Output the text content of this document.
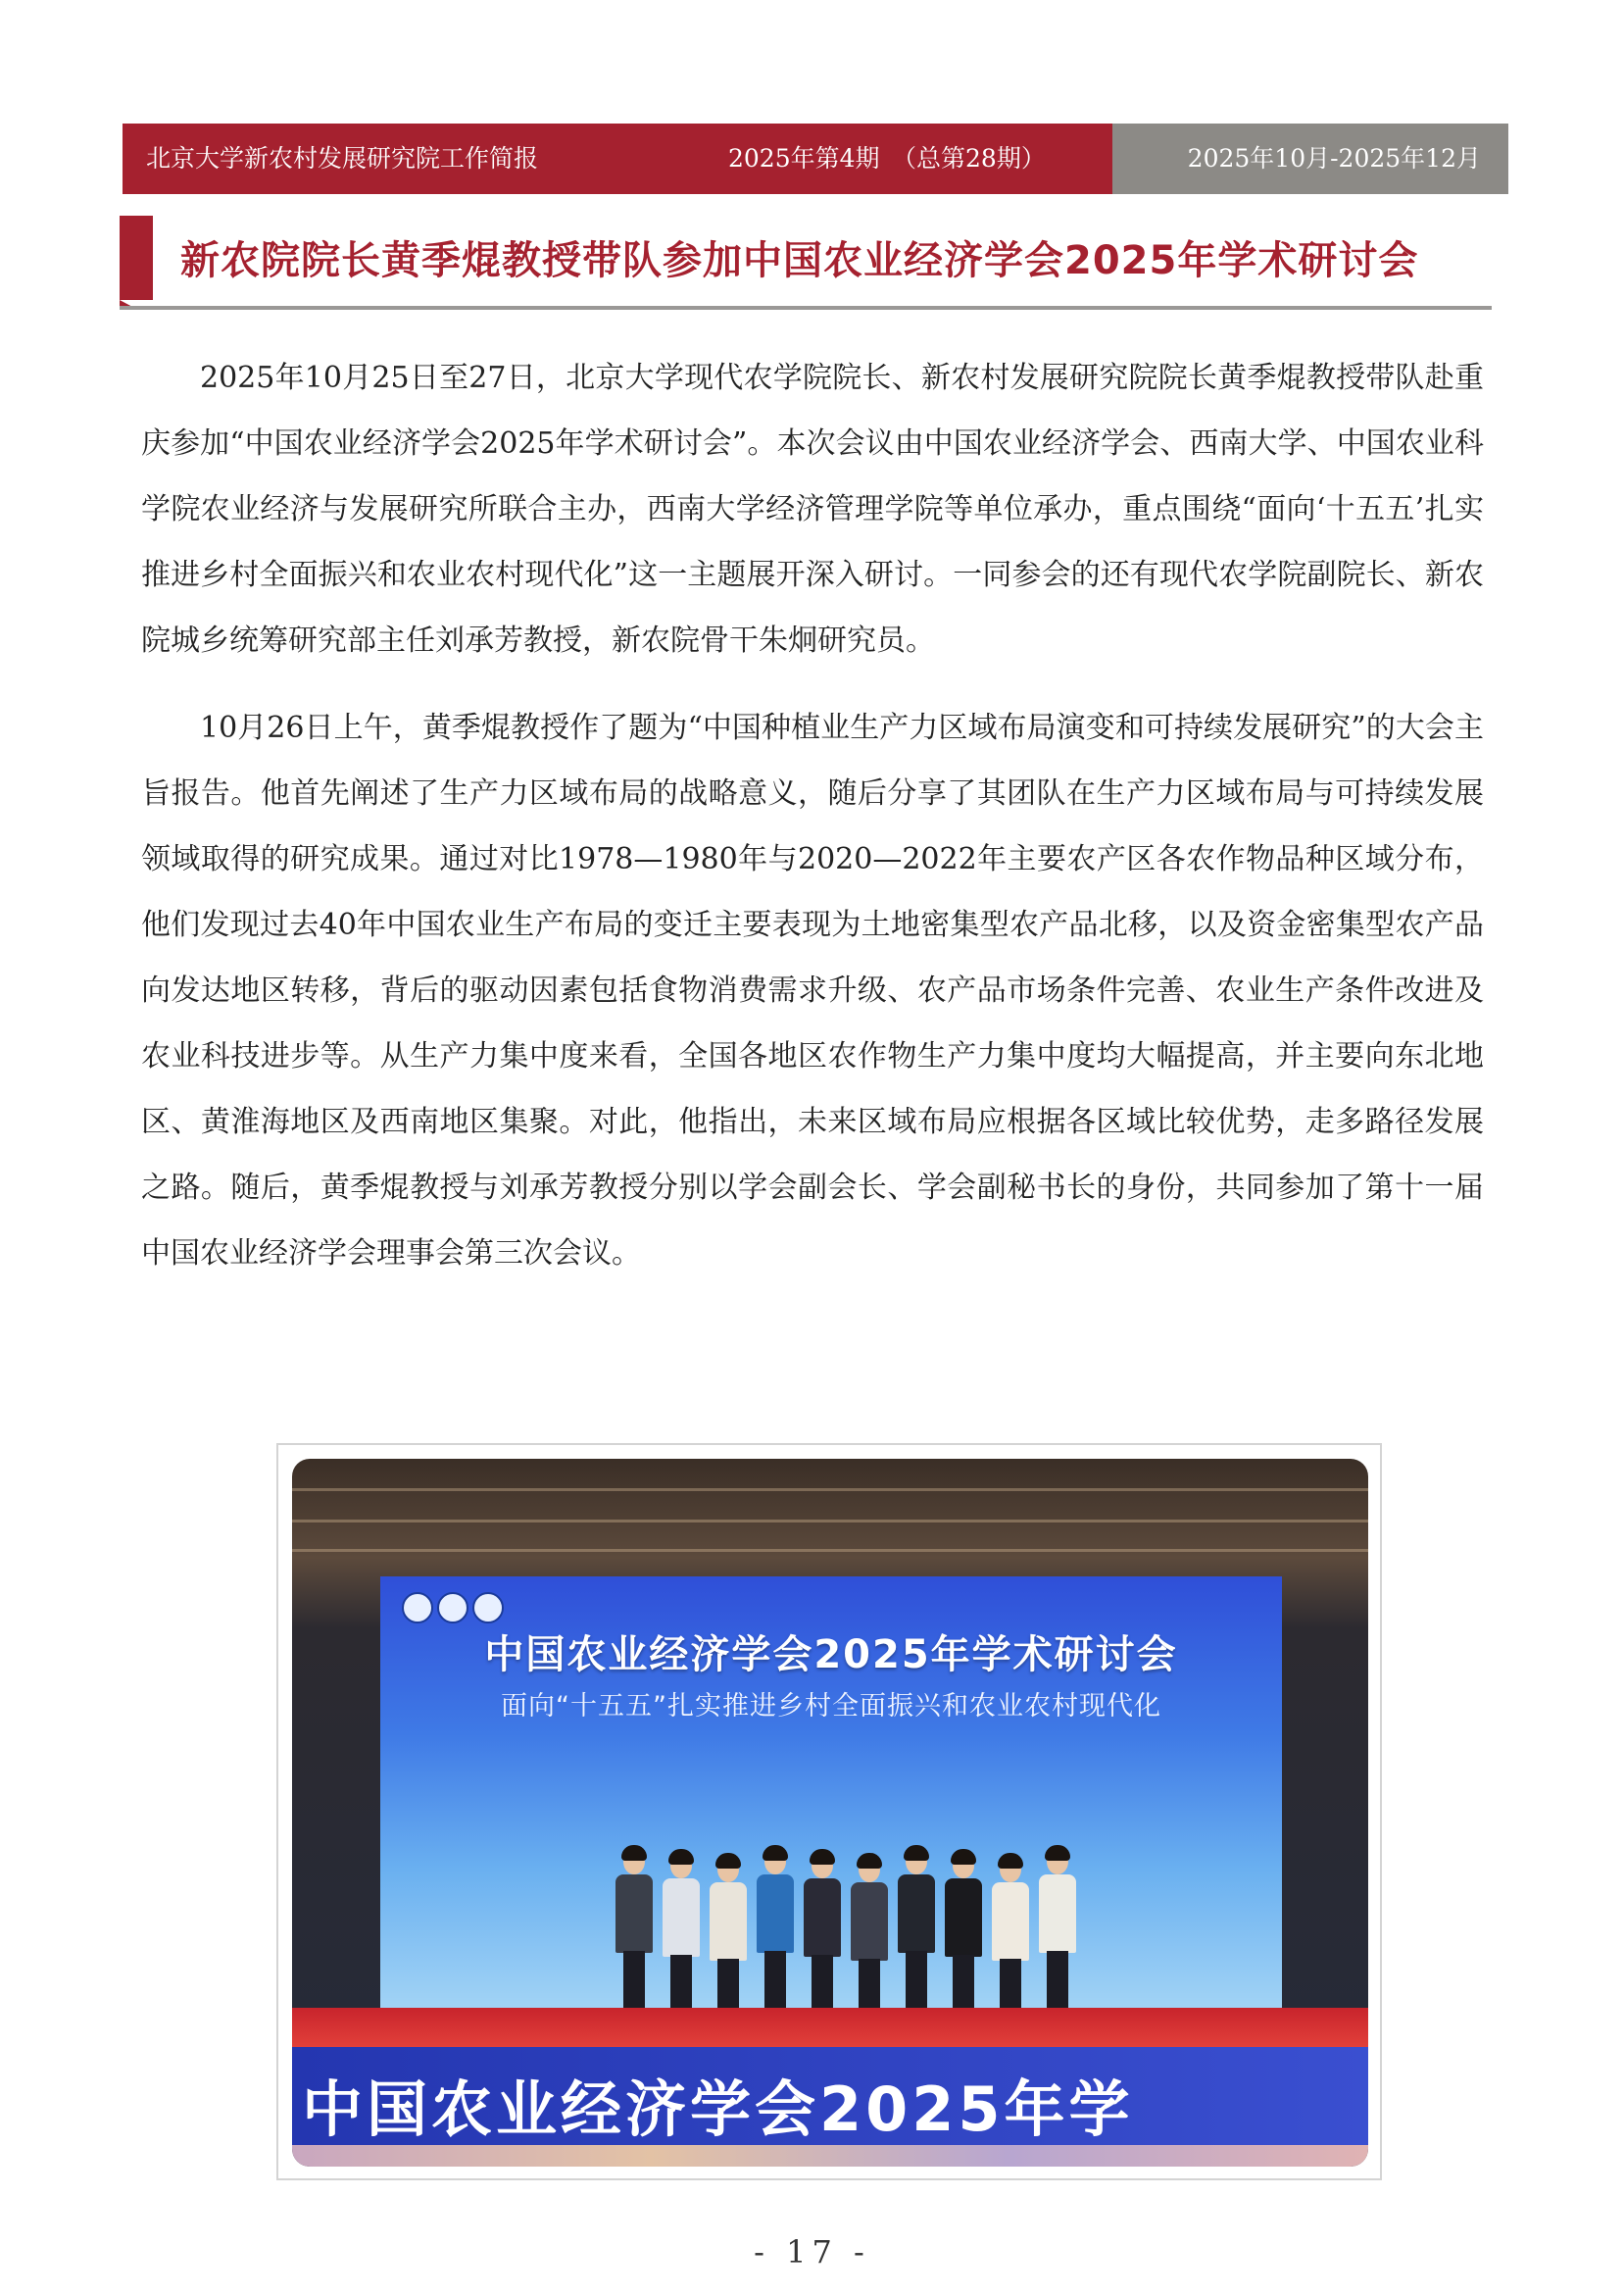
北京大学新农村发展研究院工作简报	2025年第4期　（总第28期）	2025年10月-2025年12月
新农院院长黄季焜教授带队参加中国农业经济学会2025年学术研讨会

2025年10月25日至27日，北京大学现代农学院院长、新农村发展研究院院长黄季焜教授带队赴重庆参加“中国农业经济学会2025年学术研讨会”。本次会议由中国农业经济学会、西南大学、中国农业科学院农业经济与发展研究所联合主办，西南大学经济管理学院等单位承办，重点围绕“面向‘十五五’扎实推进乡村全面振兴和农业农村现代化”这一主题展开深入研讨。一同参会的还有现代农学院副院长、新农院城乡统筹研究部主任刘承芳教授，新农院骨干朱炯研究员。

10月26日上午，黄季焜教授作了题为“中国种植业生产力区域布局演变和可持续发展研究”的大会主旨报告。他首先阐述了生产力区域布局的战略意义，随后分享了其团队在生产力区域布局与可持续发展领域取得的研究成果。通过对比1978—1980年与2020—2022年主要农产区各农作物品种区域分布，他们发现过去40年中国农业生产布局的变迁主要表现为土地密集型农产品北移，以及资金密集型农产品向发达地区转移，背后的驱动因素包括食物消费需求升级、农产品市场条件完善、农业生产条件改进及农业科技进步等。从生产力集中度来看，全国各地区农作物生产力集中度均大幅提高，并主要向东北地区、黄淮海地区及西南地区集聚。对此，他指出，未来区域布局应根据各区域比较优势，走多路径发展之路。随后，黄季焜教授与刘承芳教授分别以学会副会长、学会副秘书长的身份，共同参加了第十一届中国农业经济学会理事会第三次会议。

中国农业经济学会2025年学术研讨会
面向“十五五”扎实推进乡村全面振兴和农业农村现代化
中国农业经济学会2025年学
- 17 -
